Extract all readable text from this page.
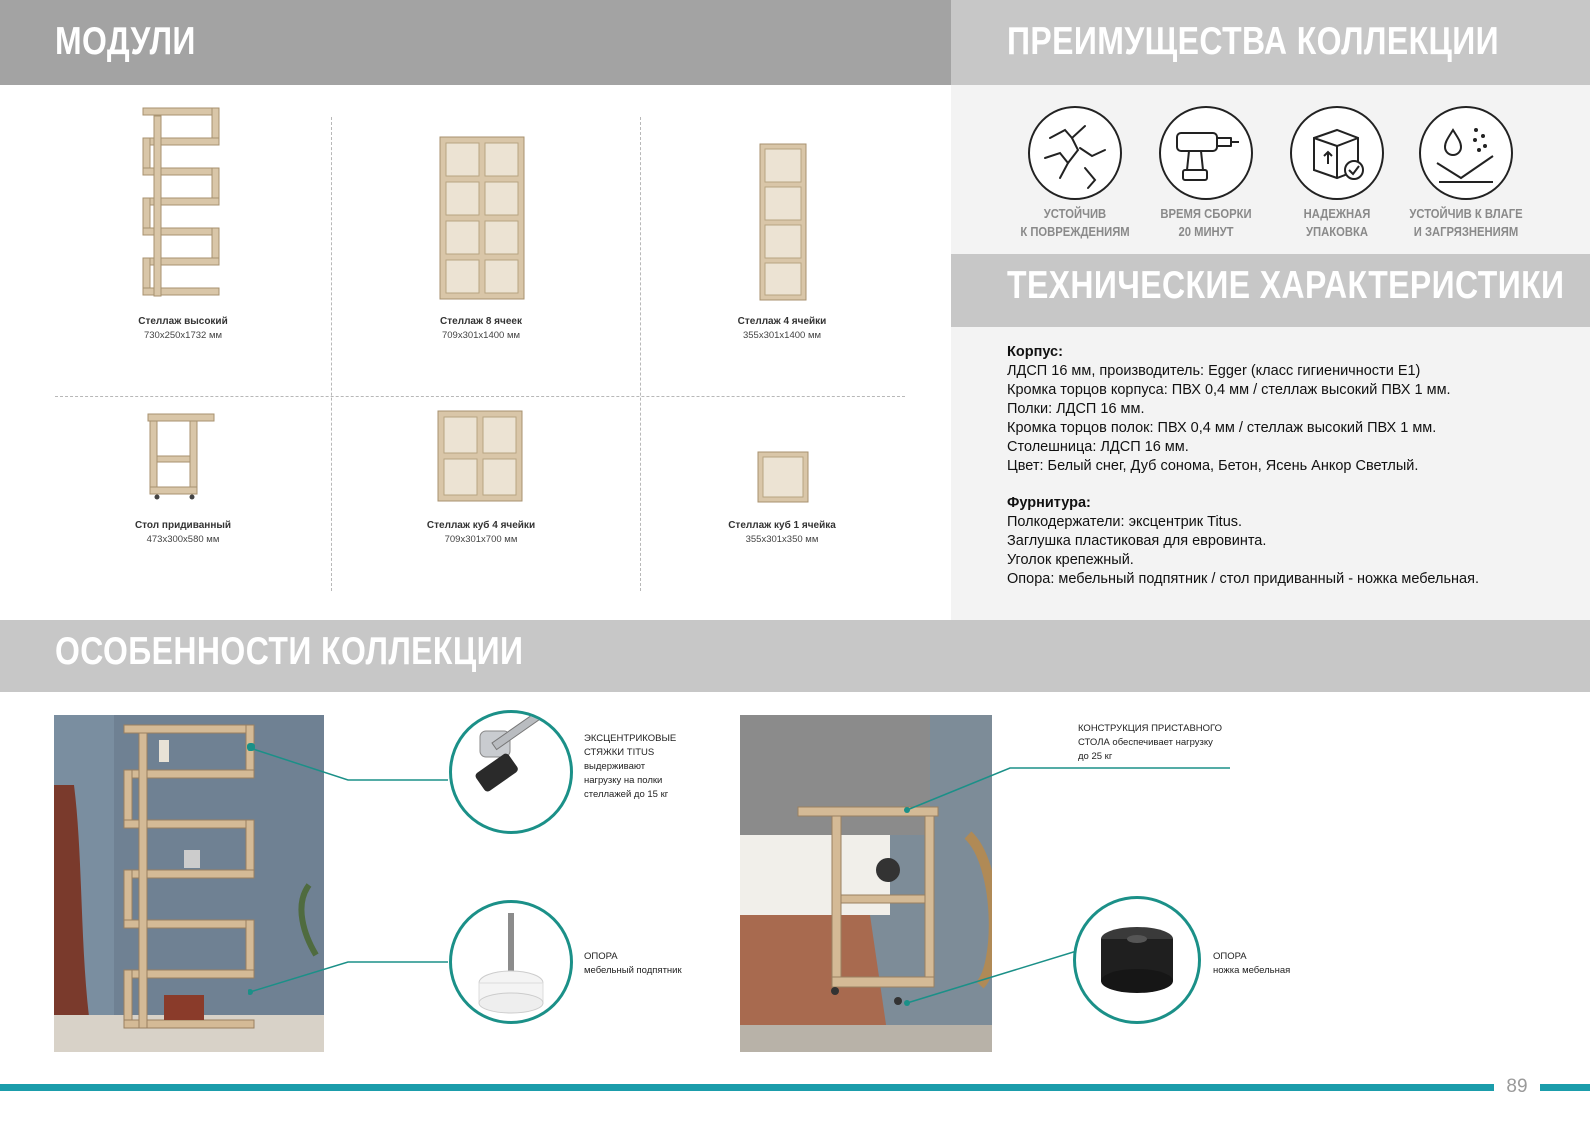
МОДУЛИ	ПРЕИМУЩЕСТВА КОЛЛЕКЦИИ
ТЕХНИЧЕСКИЕ ХАРАКТЕРИСТИКИ
ОСОБЕННОСТИ КОЛЛЕКЦИИ
Стеллаж высокий
730x250x1732 мм
Стеллаж 8 ячеек
709x301x1400 мм
Стеллаж 4 ячейки
355x301x1400 мм
Стол придиванный
473x300x580 мм
Стеллаж куб 4 ячейки
709x301x700 мм
Стеллаж куб 1 ячейка
355x301x350 мм
УСТОЙЧИВ
К ПОВРЕЖДЕНИЯМ
ВРЕМЯ СБОРКИ
20 МИНУТ
НАДЕЖНАЯ
УПАКОВКА
УСТОЙЧИВ К ВЛАГЕ
И ЗАГРЯЗНЕНИЯМ
Корпус:
ЛДСП 16 мм, производитель: Egger (класс гигиеничности Е1)
Кромка торцов корпуса: ПВХ 0,4 мм / стеллаж высокий ПВХ 1 мм.
Полки: ЛДСП 16 мм.
Кромка торцов полок: ПВХ 0,4 мм / стеллаж высокий ПВХ 1 мм.
Столешница: ЛДСП 16 мм.
Цвет: Белый снег, Дуб сонома, Бетон, Ясень Анкор Светлый.
Фурнитура:
Полкодержатели: эксцентрик Titus.
Заглушка пластиковая для евровинта.
Уголок крепежный.
Опора: мебельный подпятник / стол придиванный - ножка мебельная.
ЭКСЦЕНТРИКОВЫЕ
СТЯЖКИ TITUS
выдерживают
нагрузку на полки
стеллажей до 15 кг
ОПОРА
мебельный подпятник
КОНСТРУКЦИЯ ПРИСТАВНОГО
СТОЛА обеспечивает нагрузку
до 25 кг
ОПОРА
ножка мебельная
89
